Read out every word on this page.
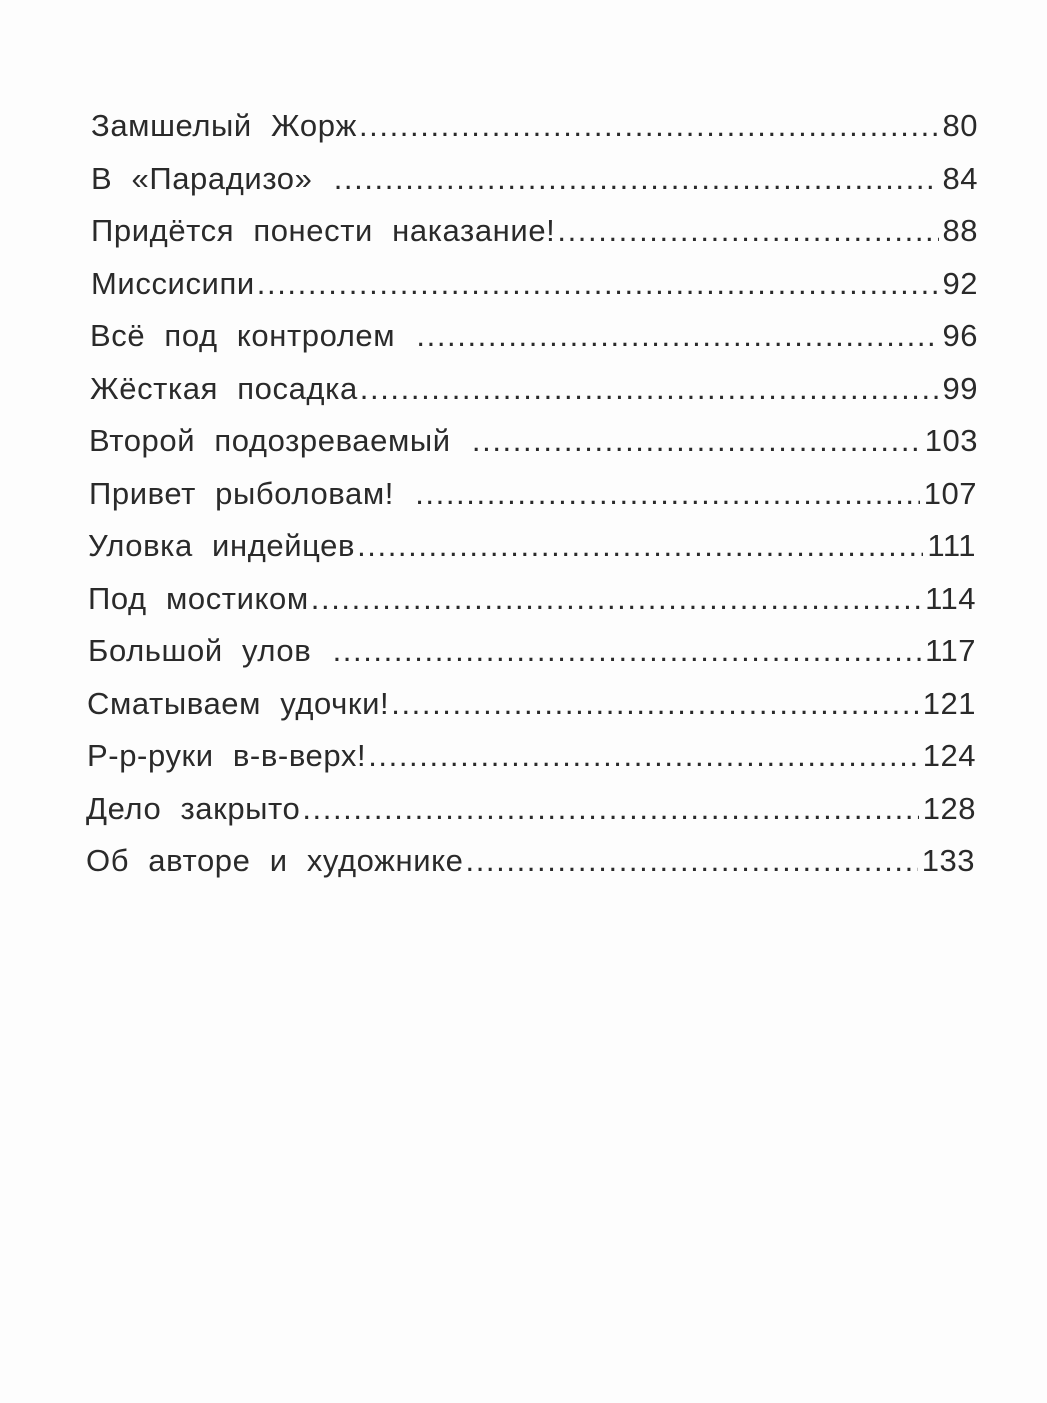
Замшелый Жорж .....	80
В «Парадизо» .....	84
Придётся понести наказание! .....	88
Миссисипи .....	92
Всё под контролем .....	96
Жёсткая посадка .....	99
Второй подозреваемый .....	103
Привет рыболовам! .....	107
Уловка индейцев .....	111
Под мостиком .....	114
Большой улов .....	117
Сматываем удочки! .....	121
Р-р-руки в-в-верх! .....	124
Дело закрыто .....	128
Об авторе и художнике .....	133
